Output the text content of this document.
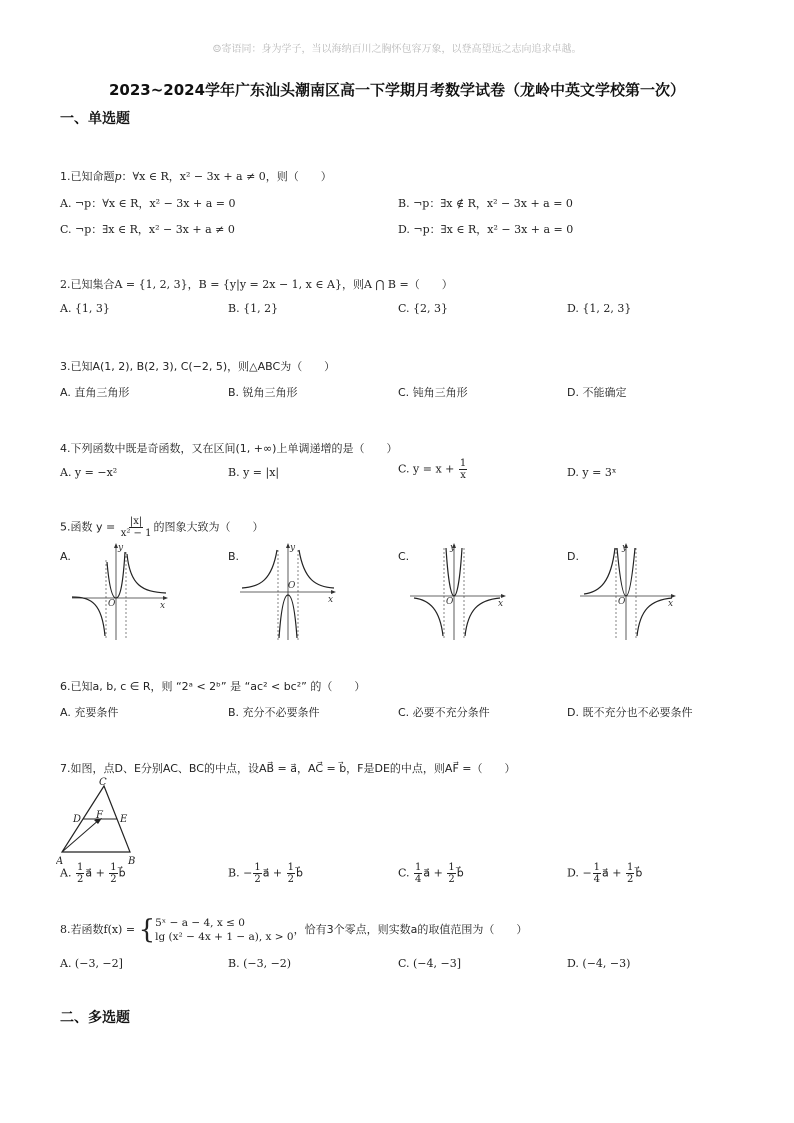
☺寄语同：身为学子，当以海纳百川之胸怀包容万象，以登高望远之志向追求卓越。
2023~2024学年广东汕头潮南区高一下学期月考数学试卷（龙岭中英文学校第一次）
一、单选题
1.已知命题p：∀x ∈ R，x² − 3x + a ≠ 0，则（　　）
A. ¬p：∀x ∈ R，x² − 3x + a = 0	B. ¬p：∃x ∉ R，x² − 3x + a = 0
C. ¬p：∃x ∈ R，x² − 3x + a ≠ 0	D. ¬p：∃x ∈ R，x² − 3x + a = 0
2.已知集合A = {1, 2, 3}，B = {y|y = 2x − 1, x ∈ A}，则A ⋂ B =（　　）
A. {1, 3}	B. {1, 2}	C. {2, 3}	D. {1, 2, 3}
3.已知A(1, 2), B(2, 3), C(−2, 5)，则△ABC为（　　）
A. 直角三角形	B. 锐角三角形	C. 钝角三角形	D. 不能确定
4.下列函数中既是奇函数，又在区间(1, +∞)上单调递增的是（　　）
A. y = −x²	B. y = |x|	C. $y = x + \frac{1}{x}$	D. y = 3ˣ
5.函数 $y = \frac{|x|}{\text{x² − 1}}$ 的图象大致为（　　）
A.	B.	C.	D.
y
x
O
y
x
O
y
x
O
y
x
O
6.已知a, b, c ∈ R，则 “2ᵃ < 2ᵇ” 是 “ac² < bc²” 的（　　）
A. 充要条件	B. 充分不必要条件	C. 必要不充分条件	D. 既不充分也不必要条件
7.如图，点D、E分别AC、BC的中点，设AB⃗ = a⃗，AC⃗ = b⃗，F是DE的中点，则AF⃗ =（　　）
A	B
C
D	E
F
A. $\frac{1}{2}$ a⃗ + $\frac{1}{2}$ b⃗	B. − $\frac{1}{2}$ a⃗ + $\frac{1}{2}$ b⃗	C. $\frac{1}{4}$ a⃗ + $\frac{1}{2}$ b⃗	D. − $\frac{1}{4}$ a⃗ + $\frac{1}{2}$ b⃗
8.若函数f(x) = { 5ˣ − a − 4, x ≤ 0
lg (x² − 4x + 1 − a), x > 0
，恰有3个零点，则实数a的取值范围为（　　）
A. (−3, −2]	B. (−3, −2)	C. (−4, −3]	D. (−4, −3)
二、多选题
